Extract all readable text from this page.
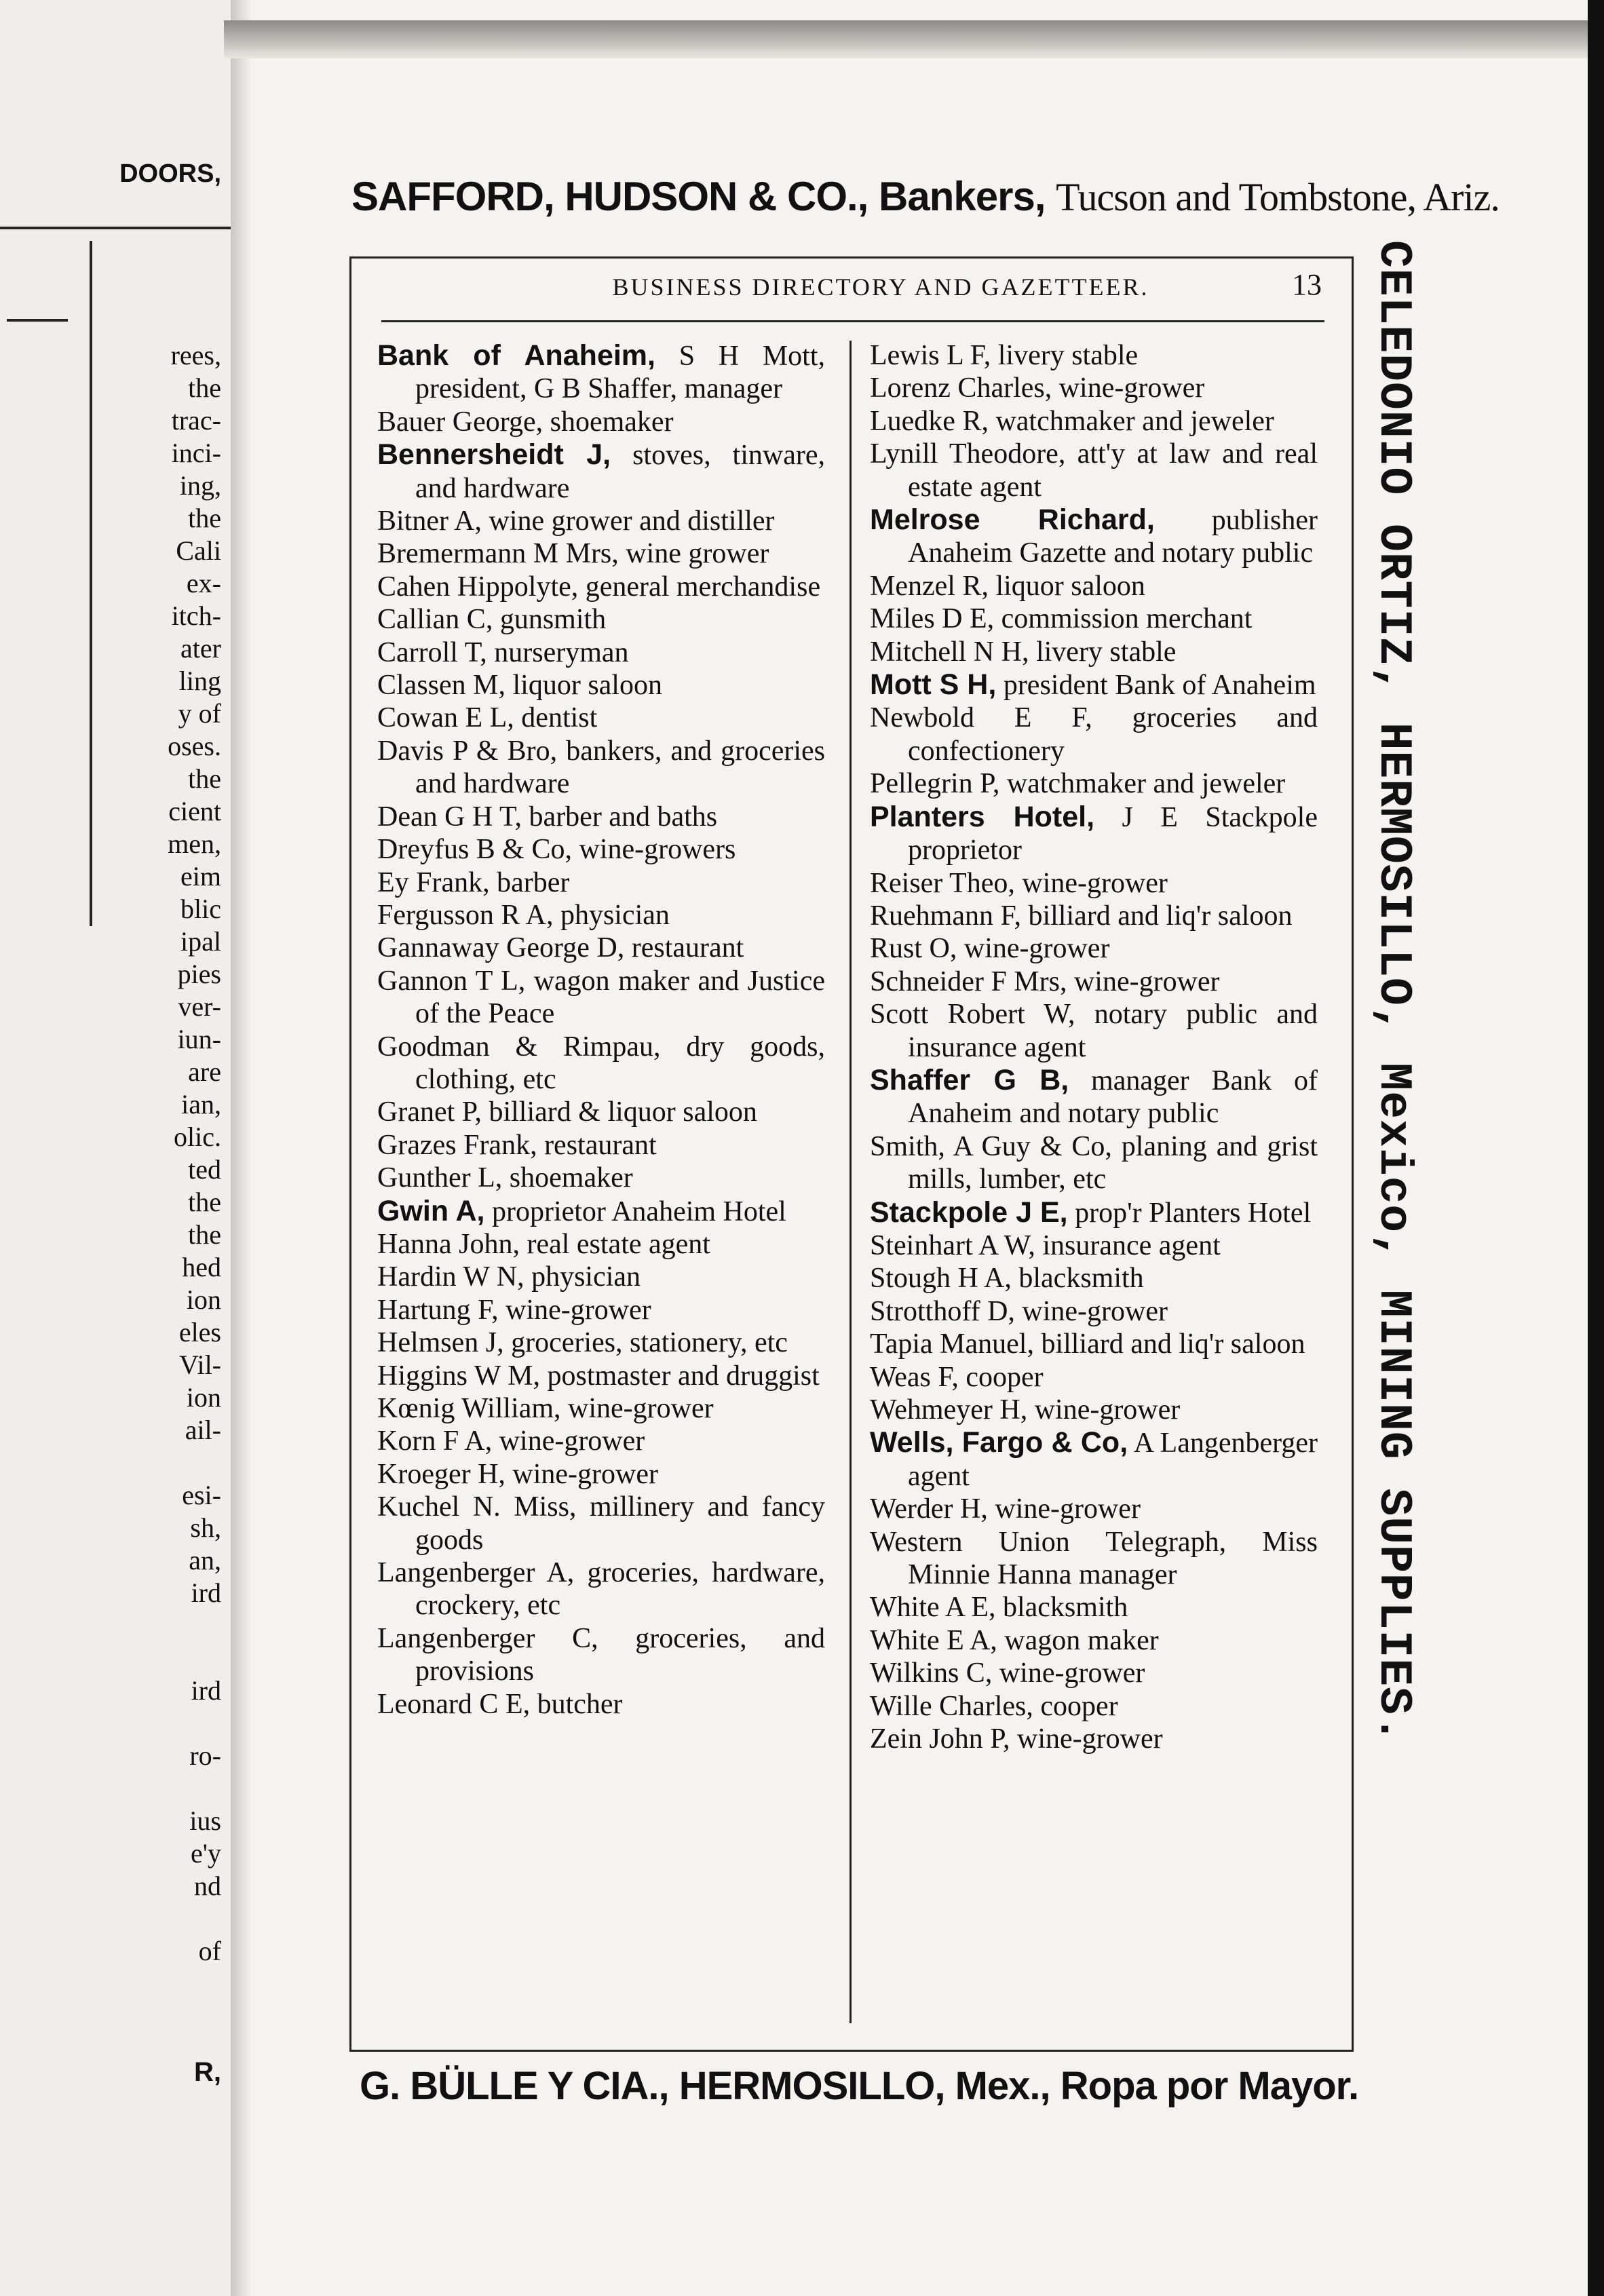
DOORS,
rees,
the
trac-
inci-
ing,
the
Cali
ex-
itch-
ater
ling
y of
oses.
the
cient
men,
eim
blic
ipal
pies
ver-
iun-
are
ian,
olic.
ted
the
the
hed
ion
eles
Vil-
ion
ail-
esi-
sh,
an,
ird
ird
ro-
ius
e'y
nd
of
R,
SAFFORD, HUDSON & CO., Bankers, Tucson and Tombstone, Ariz.
BUSINESS DIRECTORY AND GAZETTEER.	13
Bank of Anaheim, S H Mott, president, G B Shaffer, manager
Bauer George, shoemaker
Bennersheidt J, stoves, tinware, and hardware
Bitner A, wine grower and distiller
Bremermann M Mrs, wine grower
Cahen Hippolyte, general merchandise
Callian C, gunsmith
Carroll T, nurseryman
Classen M, liquor saloon
Cowan E L, dentist
Davis P & Bro, bankers, and groceries and hardware
Dean G H T, barber and baths
Dreyfus B & Co, wine-growers
Ey Frank, barber
Fergusson R A, physician
Gannaway George D, restaurant
Gannon T L, wagon maker and Justice of the Peace
Goodman & Rimpau, dry goods, clothing, etc
Granet P, billiard & liquor saloon
Grazes Frank, restaurant
Gunther L, shoemaker
Gwin A, proprietor Anaheim Hotel
Hanna John, real estate agent
Hardin W N, physician
Hartung F, wine-grower
Helmsen J, groceries, stationery, etc
Higgins W M, postmaster and druggist
Kœnig William, wine-grower
Korn F A, wine-grower
Kroeger H, wine-grower
Kuchel N. Miss, millinery and fancy goods
Langenberger A, groceries, hardware, crockery, etc
Langenberger C, groceries, and provisions
Leonard C E, butcher
Lewis L F, livery stable
Lorenz Charles, wine-grower
Luedke R, watchmaker and jeweler
Lynill Theodore, att'y at law and real estate agent
Melrose Richard, publisher Anaheim Gazette and notary public
Menzel R, liquor saloon
Miles D E, commission merchant
Mitchell N H, livery stable
Mott S H, president Bank of Anaheim
Newbold E F, groceries and confectionery
Pellegrin P, watchmaker and jeweler
Planters Hotel, J E Stackpole proprietor
Reiser Theo, wine-grower
Ruehmann F, billiard and liq'r saloon
Rust O, wine-grower
Schneider F Mrs, wine-grower
Scott Robert W, notary public and insurance agent
Shaffer G B, manager Bank of Anaheim and notary public
Smith, A Guy & Co, planing and grist mills, lumber, etc
Stackpole J E, prop'r Planters Hotel
Steinhart A W, insurance agent
Stough H A, blacksmith
Strotthoff D, wine-grower
Tapia Manuel, billiard and liq'r saloon
Weas F, cooper
Wehmeyer H, wine-grower
Wells, Fargo & Co, A Langenberger agent
Werder H, wine-grower
Western Union Telegraph, Miss Minnie Hanna manager
White A E, blacksmith
White E A, wagon maker
Wilkins C, wine-grower
Wille Charles, cooper
Zein John P, wine-grower	CELEDONIO ORTIZ, HERMOSILLO, Mexico, MINING SUPPLIES.
G. BÜLLE Y CIA., HERMOSILLO, Mex., Ropa por Mayor.
